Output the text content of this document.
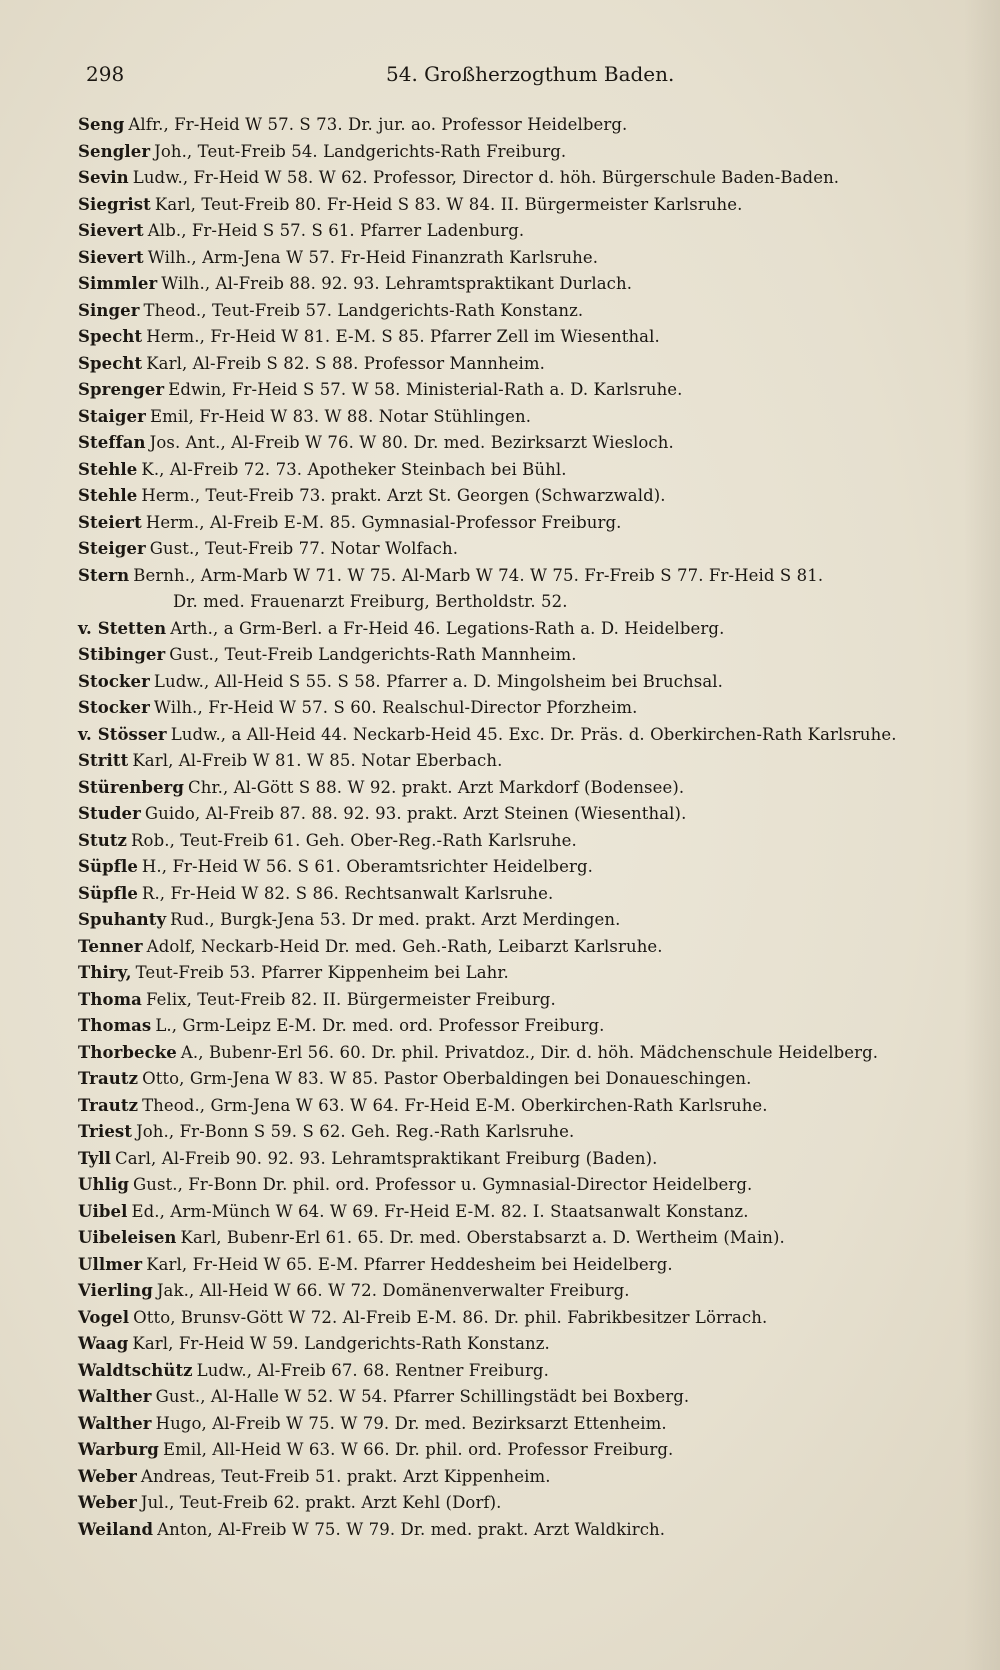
298	54. Großherzogthum Baden.
Seng Alfr., Fr-Heid W 57. S 73. Dr. jur. ao. Professor Heidelberg.
Sengler Joh., Teut-Freib 54. Landgerichts-Rath Freiburg.
Sevin Ludw., Fr-Heid W 58. W 62. Professor, Director d. höh. Bürgerschule Baden-Baden.
Siegrist Karl, Teut-Freib 80. Fr-Heid S 83. W 84. II. Bürgermeister Karlsruhe.
Sievert Alb., Fr-Heid S 57. S 61. Pfarrer Ladenburg.
Sievert Wilh., Arm-Jena W 57. Fr-Heid Finanzrath Karlsruhe.
Simmler Wilh., Al-Freib 88. 92. 93. Lehramtspraktikant Durlach.
Singer Theod., Teut-Freib 57. Landgerichts-Rath Konstanz.
Specht Herm., Fr-Heid W 81. E-M. S 85. Pfarrer Zell im Wiesenthal.
Specht Karl, Al-Freib S 82. S 88. Professor Mannheim.
Sprenger Edwin, Fr-Heid S 57. W 58. Ministerial-Rath a. D. Karlsruhe.
Staiger Emil, Fr-Heid W 83. W 88. Notar Stühlingen.
Steffan Jos. Ant., Al-Freib W 76. W 80. Dr. med. Bezirksarzt Wiesloch.
Stehle K., Al-Freib 72. 73. Apotheker Steinbach bei Bühl.
Stehle Herm., Teut-Freib 73. prakt. Arzt St. Georgen (Schwarzwald).
Steiert Herm., Al-Freib E-M. 85. Gymnasial-Professor Freiburg.
Steiger Gust., Teut-Freib 77. Notar Wolfach.
Stern Bernh., Arm-Marb W 71. W 75. Al-Marb W 74. W 75. Fr-Freib S 77. Fr-Heid S 81.
Dr. med. Frauenarzt Freiburg, Bertholdstr. 52.
v. Stetten Arth., a Grm-Berl. a Fr-Heid 46. Legations-Rath a. D. Heidelberg.
Stibinger Gust., Teut-Freib Landgerichts-Rath Mannheim.
Stocker Ludw., All-Heid S 55. S 58. Pfarrer a. D. Mingolsheim bei Bruchsal.
Stocker Wilh., Fr-Heid W 57. S 60. Realschul-Director Pforzheim.
v. Stösser Ludw., a All-Heid 44. Neckarb-Heid 45. Exc. Dr. Präs. d. Oberkirchen-Rath Karlsruhe.
Stritt Karl, Al-Freib W 81. W 85. Notar Eberbach.
Stürenberg Chr., Al-Gött S 88. W 92. prakt. Arzt Markdorf (Bodensee).
Studer Guido, Al-Freib 87. 88. 92. 93. prakt. Arzt Steinen (Wiesenthal).
Stutz Rob., Teut-Freib 61. Geh. Ober-Reg.-Rath Karlsruhe.
Süpfle H., Fr-Heid W 56. S 61. Oberamtsrichter Heidelberg.
Süpfle R., Fr-Heid W 82. S 86. Rechtsanwalt Karlsruhe.
Spuhanty Rud., Burgk-Jena 53. Dr med. prakt. Arzt Merdingen.
Tenner Adolf, Neckarb-Heid Dr. med. Geh.-Rath, Leibarzt Karlsruhe.
Thiry, Teut-Freib 53. Pfarrer Kippenheim bei Lahr.
Thoma Felix, Teut-Freib 82. II. Bürgermeister Freiburg.
Thomas L., Grm-Leipz E-M. Dr. med. ord. Professor Freiburg.
Thorbecke A., Bubenr-Erl 56. 60. Dr. phil. Privatdoz., Dir. d. höh. Mädchenschule Heidelberg.
Trautz Otto, Grm-Jena W 83. W 85. Pastor Oberbaldingen bei Donaueschingen.
Trautz Theod., Grm-Jena W 63. W 64. Fr-Heid E-M. Oberkirchen-Rath Karlsruhe.
Triest Joh., Fr-Bonn S 59. S 62. Geh. Reg.-Rath Karlsruhe.
Tyll Carl, Al-Freib 90. 92. 93. Lehramtspraktikant Freiburg (Baden).
Uhlig Gust., Fr-Bonn Dr. phil. ord. Professor u. Gymnasial-Director Heidelberg.
Uibel Ed., Arm-Münch W 64. W 69. Fr-Heid E-M. 82. I. Staatsanwalt Konstanz.
Uibeleisen Karl, Bubenr-Erl 61. 65. Dr. med. Oberstabsarzt a. D. Wertheim (Main).
Ullmer Karl, Fr-Heid W 65. E-M. Pfarrer Heddesheim bei Heidelberg.
Vierling Jak., All-Heid W 66. W 72. Domänenverwalter Freiburg.
Vogel Otto, Brunsv-Gött W 72. Al-Freib E-M. 86. Dr. phil. Fabrikbesitzer Lörrach.
Waag Karl, Fr-Heid W 59. Landgerichts-Rath Konstanz.
Waldtschütz Ludw., Al-Freib 67. 68. Rentner Freiburg.
Walther Gust., Al-Halle W 52. W 54. Pfarrer Schillingstädt bei Boxberg.
Walther Hugo, Al-Freib W 75. W 79. Dr. med. Bezirksarzt Ettenheim.
Warburg Emil, All-Heid W 63. W 66. Dr. phil. ord. Professor Freiburg.
Weber Andreas, Teut-Freib 51. prakt. Arzt Kippenheim.
Weber Jul., Teut-Freib 62. prakt. Arzt Kehl (Dorf).
Weiland Anton, Al-Freib W 75. W 79. Dr. med. prakt. Arzt Waldkirch.
